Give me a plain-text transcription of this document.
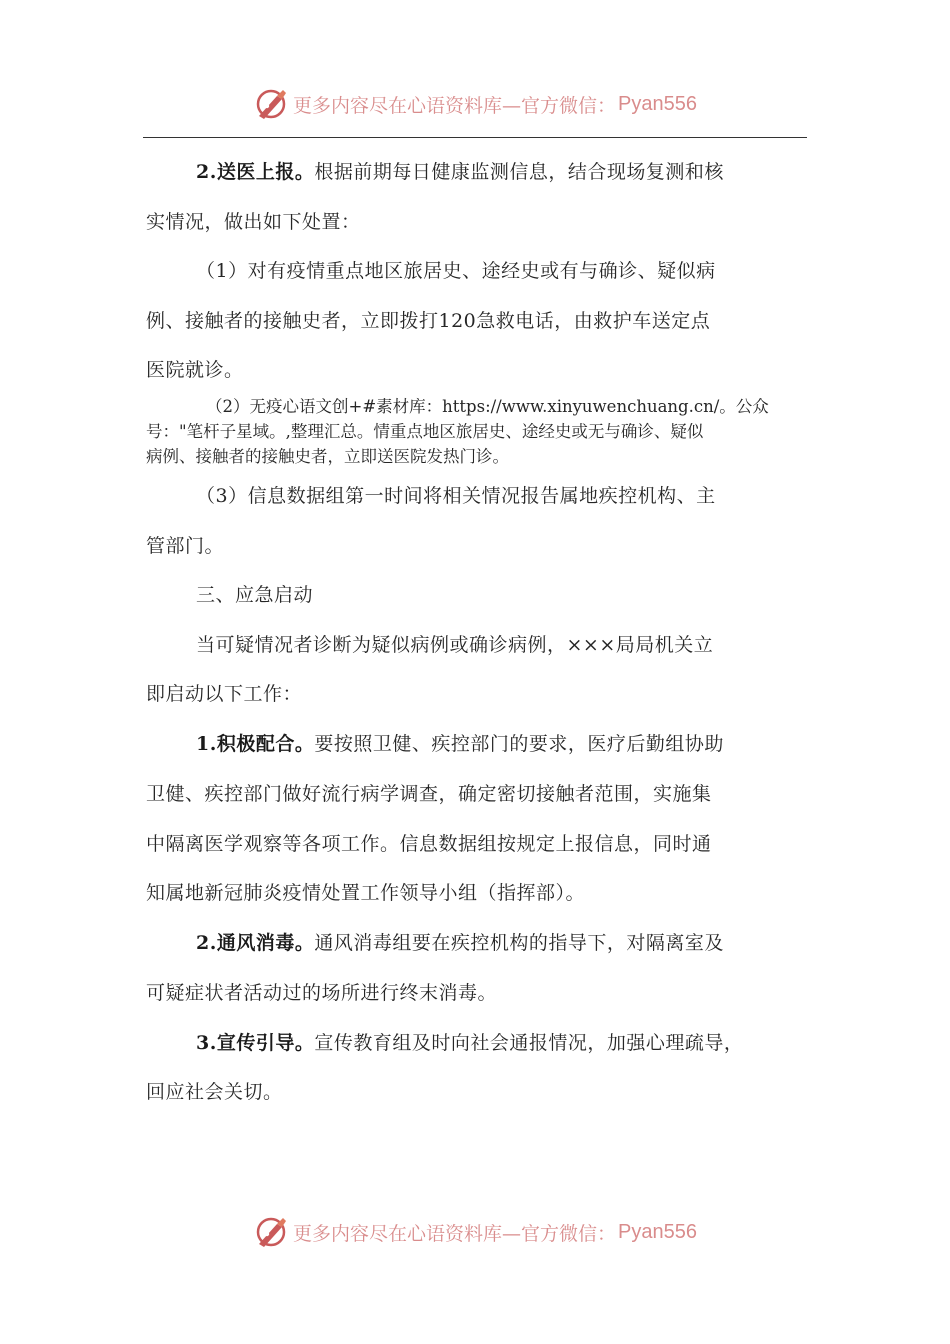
更多内容尽在心语资料库—官方微信： Pyan556
2.送医上报。根据前期每日健康监测信息，结合现场复测和核
实情况，做出如下处置：
（1）对有疫情重点地区旅居史、途经史或有与确诊、疑似病
例、接触者的接触史者，立即拨打120急救电话，由救护车送定点
医院就诊。
（2）无疫心语文创+#素材库：https://www.xinyuwenchuang.cn/。公众
号："笔杆子星域。,整理汇总。情重点地区旅居史、途经史或无与确诊、疑似
病例、接触者的接触史者，立即送医院发热门诊。
（3）信息数据组第一时间将相关情况报告属地疾控机构、主
管部门。
三、应急启动
当可疑情况者诊断为疑似病例或确诊病例，×××局局机关立
即启动以下工作：
1.积极配合。要按照卫健、疾控部门的要求，医疗后勤组协助
卫健、疾控部门做好流行病学调查，确定密切接触者范围，实施集
中隔离医学观察等各项工作。信息数据组按规定上报信息，同时通
知属地新冠肺炎疫情处置工作领导小组（指挥部）。
2.通风消毒。通风消毒组要在疾控机构的指导下，对隔离室及
可疑症状者活动过的场所进行终末消毒。
3.宣传引导。宣传教育组及时向社会通报情况，加强心理疏导，
回应社会关切。
更多内容尽在心语资料库—官方微信： Pyan556
